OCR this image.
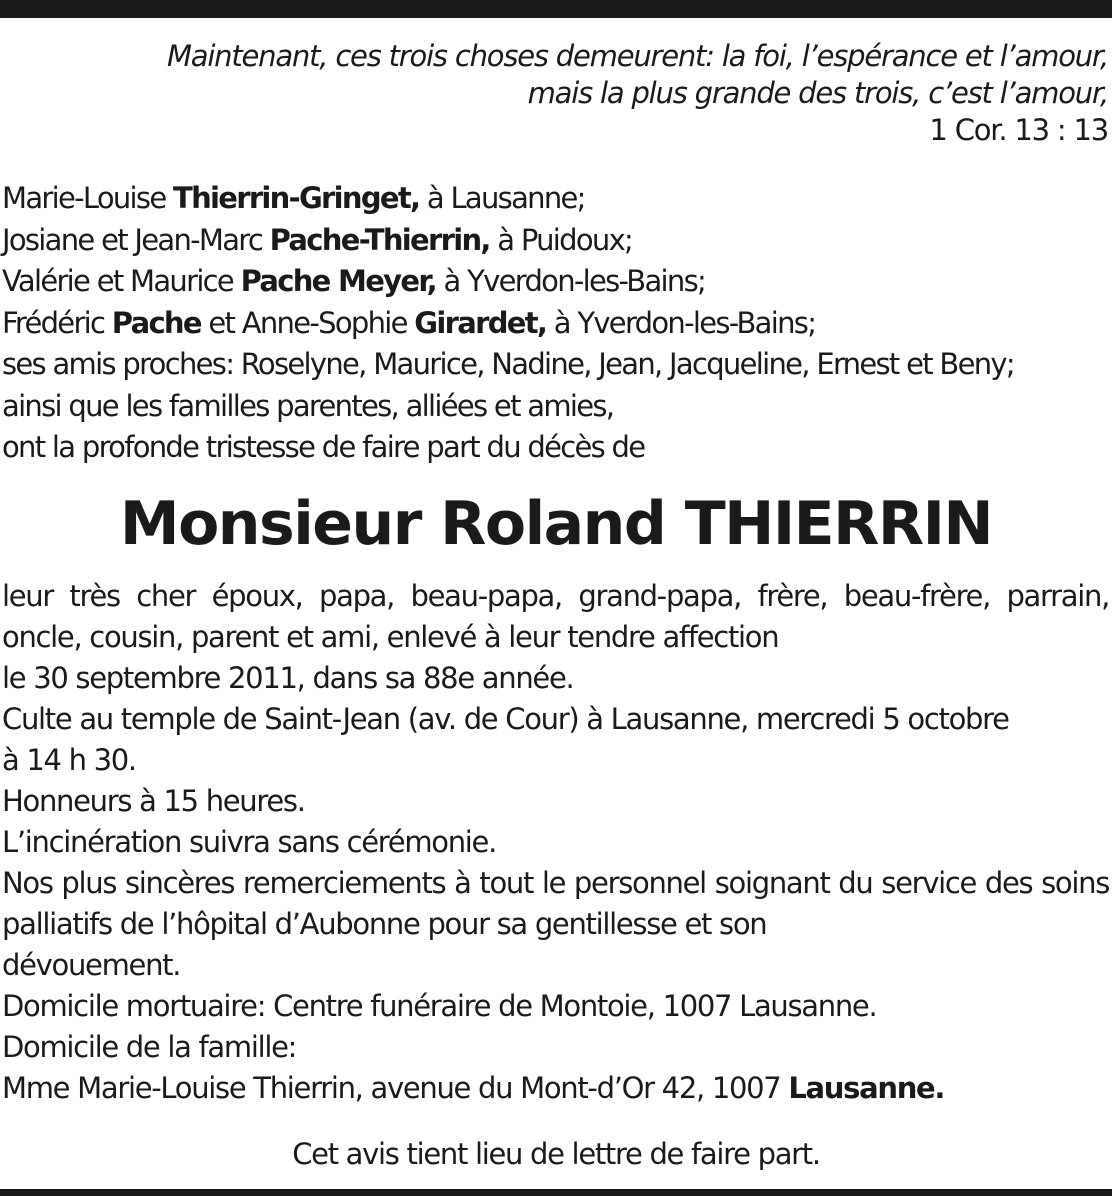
Maintenant, ces trois choses demeurent: la foi, l’espérance et l’amour,
mais la plus grande des trois, c’est l’amour,
1 Cor. 13 : 13
Marie-Louise Thierrin-Gringet, à Lausanne;
Josiane et Jean-Marc Pache-Thierrin, à Puidoux;
Valérie et Maurice Pache Meyer, à Yverdon-les-Bains;
Frédéric Pache et Anne-Sophie Girardet, à Yverdon-les-Bains;
ses amis proches: Roselyne, Maurice, Nadine, Jean, Jacqueline, Ernest et Beny;
ainsi que les familles parentes, alliées et amies,
ont la profonde tristesse de faire part du décès de
Monsieur Roland THIERRIN
leur très cher époux, papa, beau-papa, grand-papa, frère, beau-frère, parrain, oncle, cousin, parent et ami, enlevé à leur tendre affection
le 30 septembre 2011, dans sa 88e année.
Culte au temple de Saint-Jean (av. de Cour) à Lausanne, mercredi 5 octobre
à 14 h 30.
Honneurs à 15 heures.
L’incinération suivra sans cérémonie.
Nos plus sincères remerciements à tout le personnel soignant du service des soins palliatifs de l’hôpital d’Aubonne pour sa gentillesse et son
dévouement.
Domicile mortuaire: Centre funéraire de Montoie, 1007 Lausanne.
Domicile de la famille:
Mme Marie-Louise Thierrin, avenue du Mont-d’Or 42, 1007 Lausanne.
Cet avis tient lieu de lettre de faire part.
